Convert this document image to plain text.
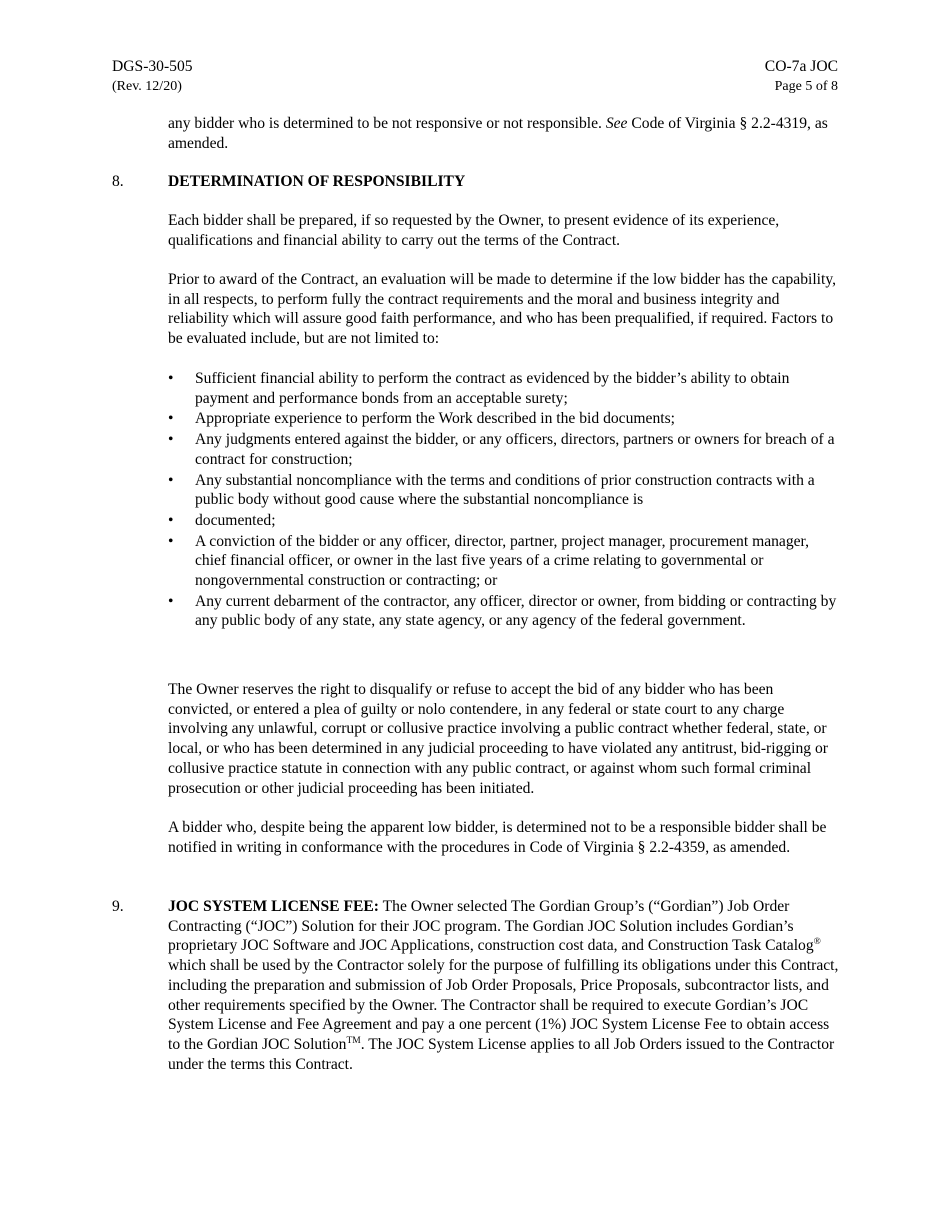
DGS-30-505
(Rev. 12/20)
CO-7a JOC
Page 5 of 8

any bidder who is determined to be not responsive or not responsible. See Code of Virginia § 2.2-4319, as amended.

8.	DETERMINATION OF RESPONSIBILITY

Each bidder shall be prepared, if so requested by the Owner, to present evidence of its experience, qualifications and financial ability to carry out the terms of the Contract.

Prior to award of the Contract, an evaluation will be made to determine if the low bidder has the capability, in all respects, to perform fully the contract requirements and the moral and business integrity and reliability which will assure good faith performance, and who has been prequalified, if required. Factors to be evaluated include, but are not limited to:

• Sufficient financial ability to perform the contract as evidenced by the bidder’s ability to obtain payment and performance bonds from an acceptable surety;
• Appropriate experience to perform the Work described in the bid documents;
• Any judgments entered against the bidder, or any officers, directors, partners or owners for breach of a contract for construction;
• Any substantial noncompliance with the terms and conditions of prior construction contracts with a public body without good cause where the substantial noncompliance is
• documented;
• A conviction of the bidder or any officer, director, partner, project manager, procurement manager, chief financial officer, or owner in the last five years of a crime relating to governmental or nongovernmental construction or contracting; or
• Any current debarment of the contractor, any officer, director or owner, from bidding or contracting by any public body of any state, any state agency, or any agency of the federal government.

The Owner reserves the right to disqualify or refuse to accept the bid of any bidder who has been convicted, or entered a plea of guilty or nolo contendere, in any federal or state court to any charge involving any unlawful, corrupt or collusive practice involving a public contract whether federal, state, or local, or who has been determined in any judicial proceeding to have violated any antitrust, bid-rigging or collusive practice statute in connection with any public contract, or against whom such formal criminal prosecution or other judicial proceeding has been initiated.

A bidder who, despite being the apparent low bidder, is determined not to be a responsible bidder shall be notified in writing in conformance with the procedures in Code of Virginia § 2.2-4359, as amended.

9.	JOC SYSTEM LICENSE FEE: The Owner selected The Gordian Group’s (“Gordian”) Job Order Contracting (“JOC”) Solution for their JOC program. The Gordian JOC Solution includes Gordian’s proprietary JOC Software and JOC Applications, construction cost data, and Construction Task Catalog® which shall be used by the Contractor solely for the purpose of fulfilling its obligations under this Contract, including the preparation and submission of Job Order Proposals, Price Proposals, subcontractor lists, and other requirements specified by the Owner. The Contractor shall be required to execute Gordian’s JOC System License and Fee Agreement and pay a one percent (1%) JOC System License Fee to obtain access to the Gordian JOC Solution™. The JOC System License applies to all Job Orders issued to the Contractor under the terms this Contract.
